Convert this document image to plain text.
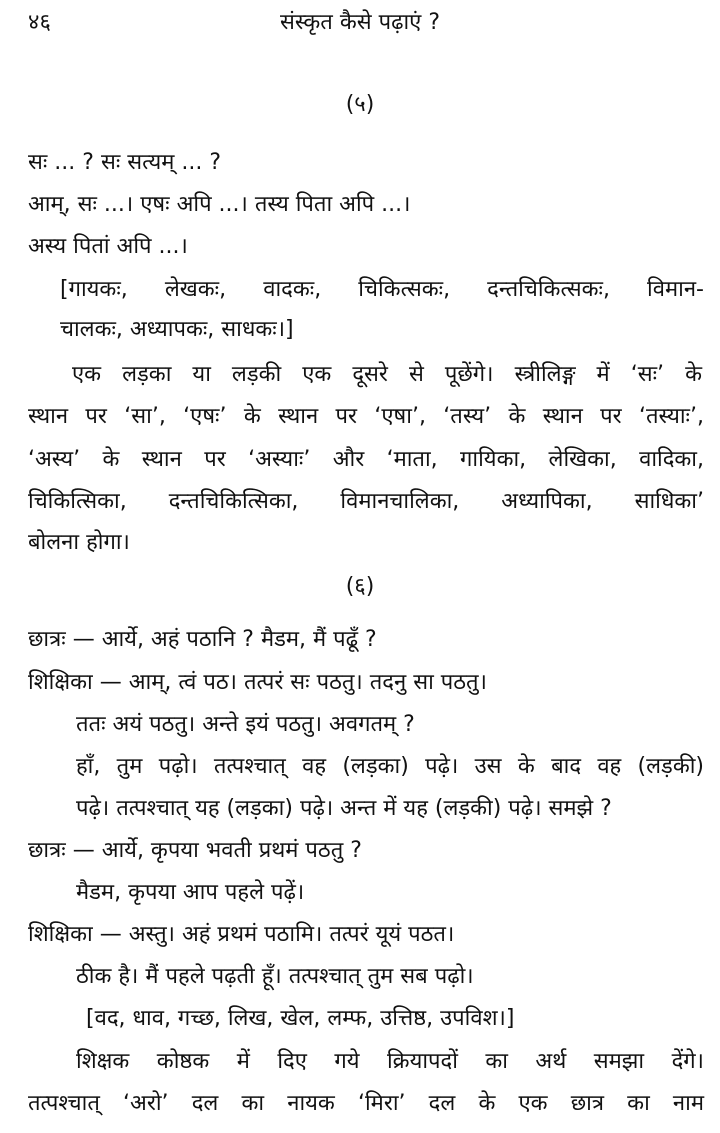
४६	संस्कृत कैसे पढ़ाएं ?
(५)
सः ... ? सः सत्यम् ... ?
आम्, सः ...। एषः अपि ...। तस्य पिता अपि ...।
अस्य पितां अपि ...।
[गायकः, लेखकः, वादकः, चिकित्सकः, दन्तचिकित्सकः, विमान-
चालकः, अध्यापकः, साधकः।]
एक लड़का या लड़की एक दूसरे से पूछेंगे। स्त्रीलिङ्ग में ‘सः’ के
स्थान पर ‘सा’, ‘एषः’ के स्थान पर ‘एषा’, ‘तस्य’ के स्थान पर ‘तस्याः’,
‘अस्य’ के स्थान पर ‘अस्याः’ और ‘माता, गायिका, लेखिका, वादिका,
चिकित्सिका, दन्तचिकित्सिका, विमानचालिका, अध्यापिका, साधिका’
बोलना होगा।
(६)
छात्रः — आर्ये, अहं पठानि ? मैडम, मैं पढूँ ?
शिक्षिका — आम्, त्वं पठ। तत्परं सः पठतु। तदनु सा पठतु।
ततः अयं पठतु। अन्ते इयं पठतु। अवगतम् ?
हाँ, तुम पढ़ो। तत्पश्चात् वह (लड़का) पढ़े। उस के बाद वह (लड़की)
पढ़े। तत्पश्चात् यह (लड़का) पढ़े। अन्त में यह (लड़की) पढ़े। समझे ?
छात्रः — आर्ये, कृपया भवती प्रथमं पठतु ?
मैडम, कृपया आप पहले पढ़ें।
शिक्षिका — अस्तु। अहं प्रथमं पठामि। तत्परं यूयं पठत।
ठीक है। मैं पहले पढ़ती हूँ। तत्पश्चात् तुम सब पढ़ो।
[वद, धाव, गच्छ, लिख, खेल, लम्फ, उत्तिष्ठ, उपविश।]
शिक्षक कोष्ठक में दिए गये क्रियापदों का अर्थ समझा देंगे।
तत्पश्चात् ‘अरो’ दल का नायक ‘मिरा’ दल के एक छात्र का नाम
